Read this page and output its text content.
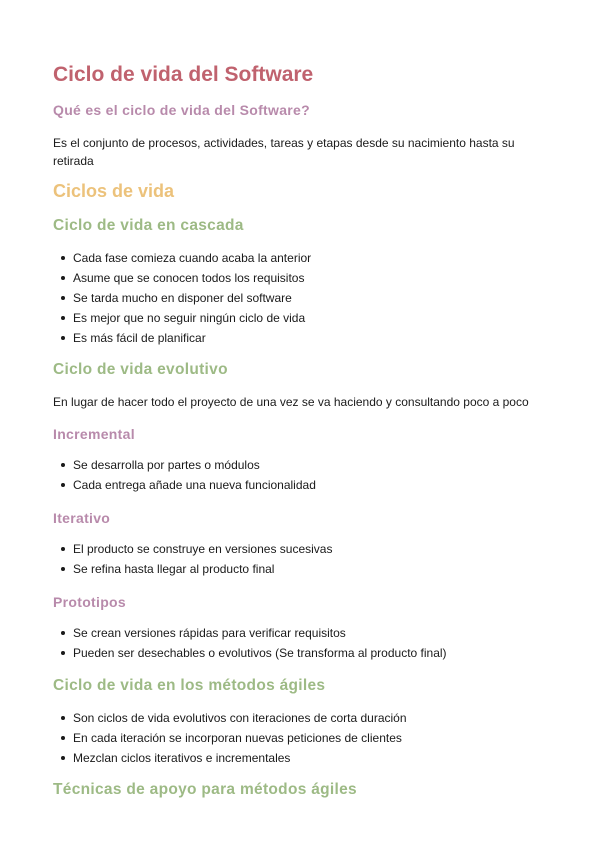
Ciclo de vida del Software
Qué es el ciclo de vida del Software?

Es el conjunto de procesos, actividades, tareas y etapas desde su nacimiento hasta su retirada

Ciclos de vida
Ciclo de vida en cascada
Cada fase comieza cuando acaba la anterior
Asume que se conocen todos los requisitos
Se tarda mucho en disponer del software
Es mejor que no seguir ningún ciclo de vida
Es más fácil de planificar
Ciclo de vida evolutivo

En lugar de hacer todo el proyecto de una vez se va haciendo y consultando poco a poco

Incremental
Se desarrolla por partes o módulos
Cada entrega añade una nueva funcionalidad
Iterativo
El producto se construye en versiones sucesivas
Se refina hasta llegar al producto final
Prototipos
Se crean versiones rápidas para verificar requisitos
Pueden ser desechables o evolutivos (Se transforma al producto final)
Ciclo de vida en los métodos ágiles
Son ciclos de vida evolutivos con iteraciones de corta duración
En cada iteración se incorporan nuevas peticiones de clientes
Mezclan ciclos iterativos e incrementales
Técnicas de apoyo para métodos ágiles
